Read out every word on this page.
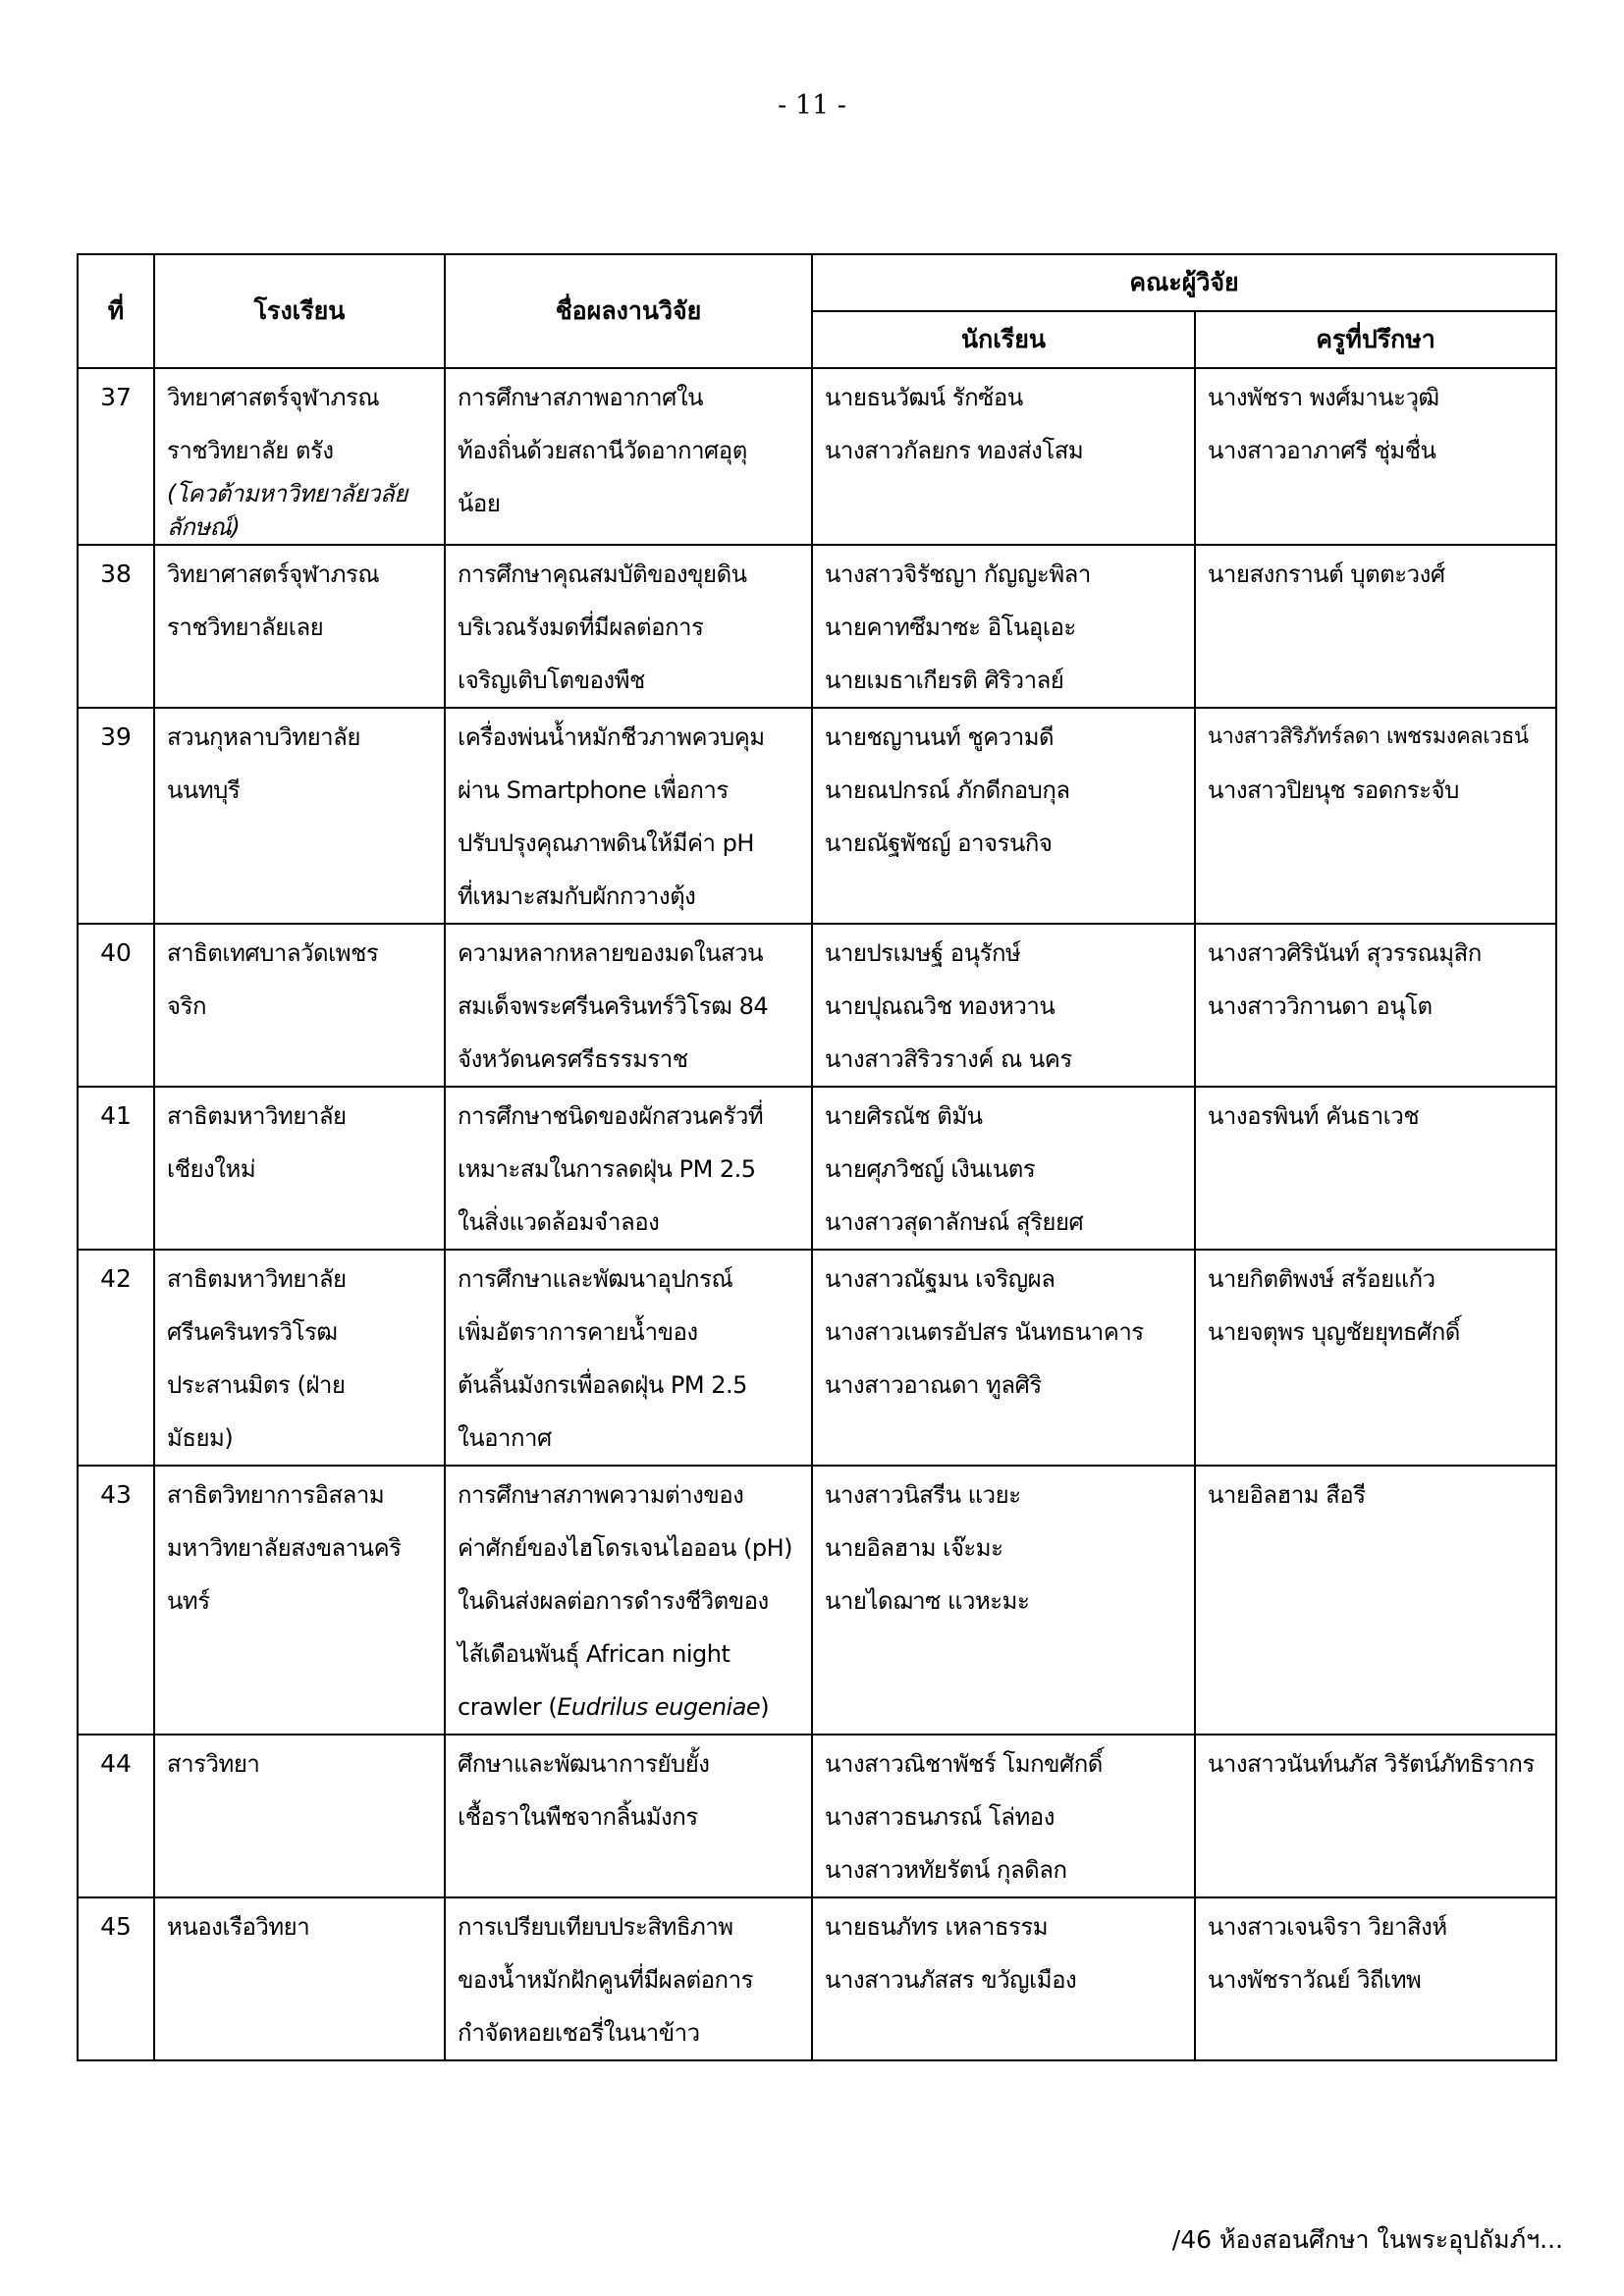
- 11 -
ที่	โรงเรียน	ชื่อผลงานวิจัย	คณะผู้วิจัย	
			นักเรียน	ครูที่ปรึกษา
37	วิทยาศาสตร์จุฬาภรณ
ราชวิทยาลัย ตรัง
(โควต้ามหาวิทยาลัยวลัย
ลักษณ์)	การศึกษาสภาพอากาศใน
ท้องถิ่นด้วยสถานีวัดอากาศอุตุ
น้อย	นายธนวัฒน์ รักซ้อน
นางสาวกัลยกร ทองส่งโสม	นางพัชรา พงศ์มานะวุฒิ
นางสาวอาภาศรี ชุ่มชื่น

38	วิทยาศาสตร์จุฬาภรณ
ราชวิทยาลัยเลย	การศึกษาคุณสมบัติของขุยดิน
บริเวณรังมดที่มีผลต่อการ
เจริญเติบโตของพืช	นางสาวจิรัชญา กัญญะพิลา
นายคาทซึมาซะ อิโนอุเอะ
นายเมธาเกียรติ ศิริวาลย์	นายสงกรานต์ บุตตะวงศ์

39	สวนกุหลาบวิทยาลัย
นนทบุรี	เครื่องพ่นน้ำหมักชีวภาพควบคุม
ผ่าน Smartphone เพื่อการ
ปรับปรุงคุณภาพดินให้มีค่า pH
ที่เหมาะสมกับผักกวางตุ้ง	นายชญานนท์ ชูความดี
นายณปกรณ์ ภักดีกอบกุล
นายณัฐพัชญ์ อาจรนกิจ	นางสาวสิริภัทร์ลดา เพชรมงคลเวธน์
นางสาวปิยนุช รอดกระจับ

40	สาธิตเทศบาลวัดเพชร
จริก	ความหลากหลายของมดในสวน
สมเด็จพระศรีนครินทร์วิโรฒ 84
จังหวัดนครศรีธรรมราช	นายปรเมษฐ์ อนุรักษ์
นายปุณณวิช ทองหวาน
นางสาวสิริวรางค์ ณ นคร	นางสาวศิรินันท์ สุวรรณมุสิก
นางสาววิกานดา อนุโต

41	สาธิตมหาวิทยาลัย
เชียงใหม่	การศึกษาชนิดของผักสวนครัวที่
เหมาะสมในการลดฝุ่น PM 2.5
ในสิ่งแวดล้อมจำลอง	นายศิรณัช ติมัน
นายศุภวิชญ์ เงินเนตร
นางสาวสุดาลักษณ์ สุริยยศ	นางอรพินท์ คันธาเวช

42	สาธิตมหาวิทยาลัย
ศรีนครินทรวิโรฒ
ประสานมิตร (ฝ่าย
มัธยม)	การศึกษาและพัฒนาอุปกรณ์
เพิ่มอัตราการคายน้ำของ
ต้นลิ้นมังกรเพื่อลดฝุ่น PM 2.5
ในอากาศ	นางสาวณัฐมน เจริญผล
นางสาวเนตรอัปสร นันทธนาคาร
นางสาวอาณดา ทูลศิริ	นายกิตติพงษ์ สร้อยแก้ว
นายจตุพร บุญชัยยุทธศักดิ์

43	สาธิตวิทยาการอิสลาม
มหาวิทยาลัยสงขลานคริ
นทร์	การศึกษาสภาพความต่างของ
ค่าศักย์ของไฮโดรเจนไอออน (pH)
ในดินส่งผลต่อการดำรงชีวิตของ
ไส้เดือนพันธุ์ African night
crawler (Eudrilus eugeniae)	นางสาวนิสรีน แวยะ
นายอิลฮาม เจ๊ะมะ
นายไดฌาซ แวหะมะ	นายอิลฮาม สือรี

44	สารวิทยา	ศึกษาและพัฒนาการยับยั้ง
เชื้อราในพืชจากลิ้นมังกร	นางสาวณิชาพัชร์ โมกขศักดิ์
นางสาวธนภรณ์ โล่ทอง
นางสาวหทัยรัตน์ กุลดิลก	นางสาวนันท์นภัส วิรัตน์ภัทธิรากร

45	หนองเรือวิทยา	การเปรียบเทียบประสิทธิภาพ
ของน้ำหมักฝักคูนที่มีผลต่อการ
กำจัดหอยเชอรี่ในนาข้าว	นายธนภัทร เหลาธรรม
นางสาวนภัสสร ขวัญเมือง	นางสาวเจนจิรา วิยาสิงห์
นางพัชราวัณย์ วิถีเทพ
/46 ห้องสอนศึกษา ในพระอุปถัมภ์ฯ...
